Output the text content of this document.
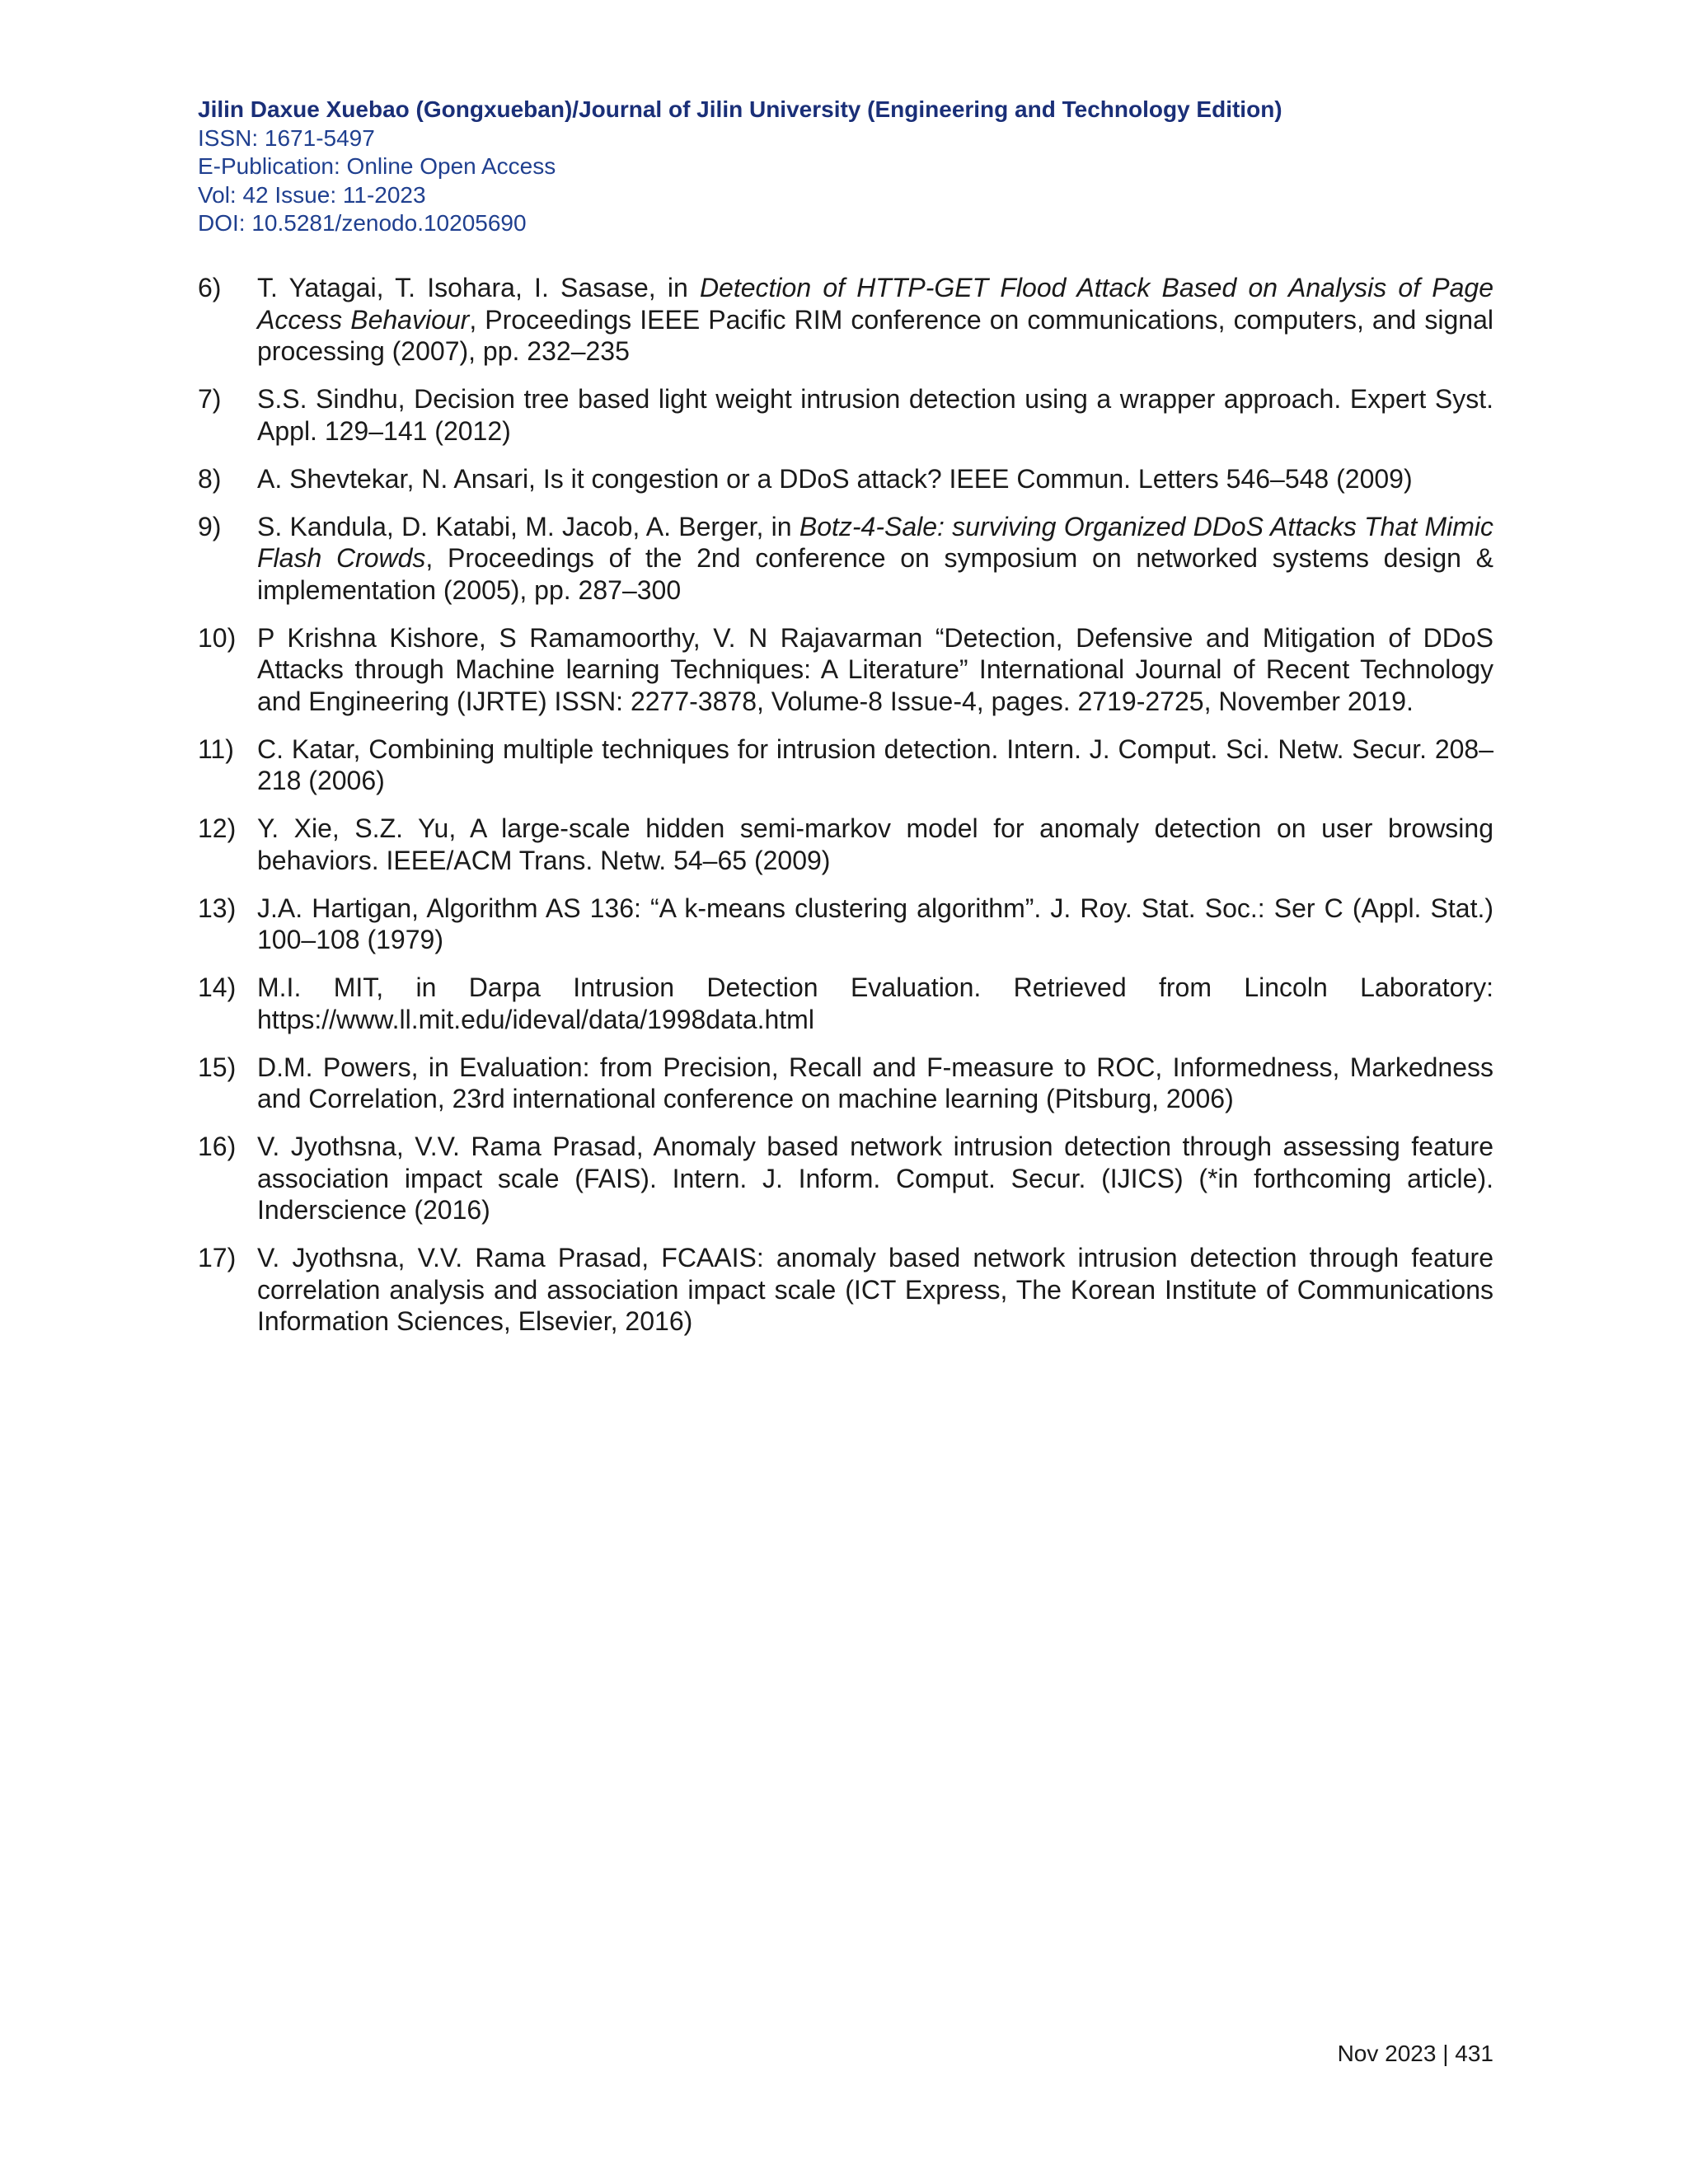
Jilin Daxue Xuebao (Gongxueban)/Journal of Jilin University (Engineering and Technology Edition)
ISSN: 1671-5497
E-Publication: Online Open Access
Vol: 42 Issue: 11-2023
DOI: 10.5281/zenodo.10205690
6)	T. Yatagai, T. Isohara, I. Sasase, in Detection of HTTP-GET Flood Attack Based on Analysis of Page Access Behaviour, Proceedings IEEE Pacific RIM conference on communications, computers, and signal processing (2007), pp. 232–235
7)	S.S. Sindhu, Decision tree based light weight intrusion detection using a wrapper approach. Expert Syst. Appl. 129–141 (2012)
8)	A. Shevtekar, N. Ansari, Is it congestion or a DDoS attack? IEEE Commun. Letters 546–548 (2009)
9)	S. Kandula, D. Katabi, M. Jacob, A. Berger, in Botz-4-Sale: surviving Organized DDoS Attacks That Mimic Flash Crowds, Proceedings of the 2nd conference on symposium on networked systems design & implementation (2005), pp. 287–300
10) P Krishna Kishore, S Ramamoorthy, V. N Rajavarman “Detection, Defensive and Mitigation of DDoS Attacks through Machine learning Techniques: A Literature” International Journal of Recent Technology and Engineering (IJRTE) ISSN: 2277-3878, Volume-8 Issue-4, pages. 2719-2725, November 2019.
11) C. Katar, Combining multiple techniques for intrusion detection. Intern. J. Comput. Sci. Netw. Secur. 208–218 (2006)
12) Y. Xie, S.Z. Yu, A large-scale hidden semi-markov model for anomaly detection on user browsing behaviors. IEEE/ACM Trans. Netw. 54–65 (2009)
13) J.A. Hartigan, Algorithm AS 136: “A k-means clustering algorithm”. J. Roy. Stat. Soc.: Ser C (Appl. Stat.) 100–108 (1979)
14) M.I. MIT, in Darpa Intrusion Detection Evaluation. Retrieved from Lincoln Laboratory: https://www.ll.mit.edu/ideval/data/1998data.html
15) D.M. Powers, in Evaluation: from Precision, Recall and F-measure to ROC, Informedness, Markedness and Correlation, 23rd international conference on machine learning (Pitsburg, 2006)
16) V. Jyothsna, V.V. Rama Prasad, Anomaly based network intrusion detection through assessing feature association impact scale (FAIS). Intern. J. Inform. Comput. Secur. (IJICS) (*in forthcoming article). Inderscience (2016)
17) V. Jyothsna, V.V. Rama Prasad, FCAAIS: anomaly based network intrusion detection through feature correlation analysis and association impact scale (ICT Express, The Korean Institute of Communications Information Sciences, Elsevier, 2016)
Nov 2023 | 431
